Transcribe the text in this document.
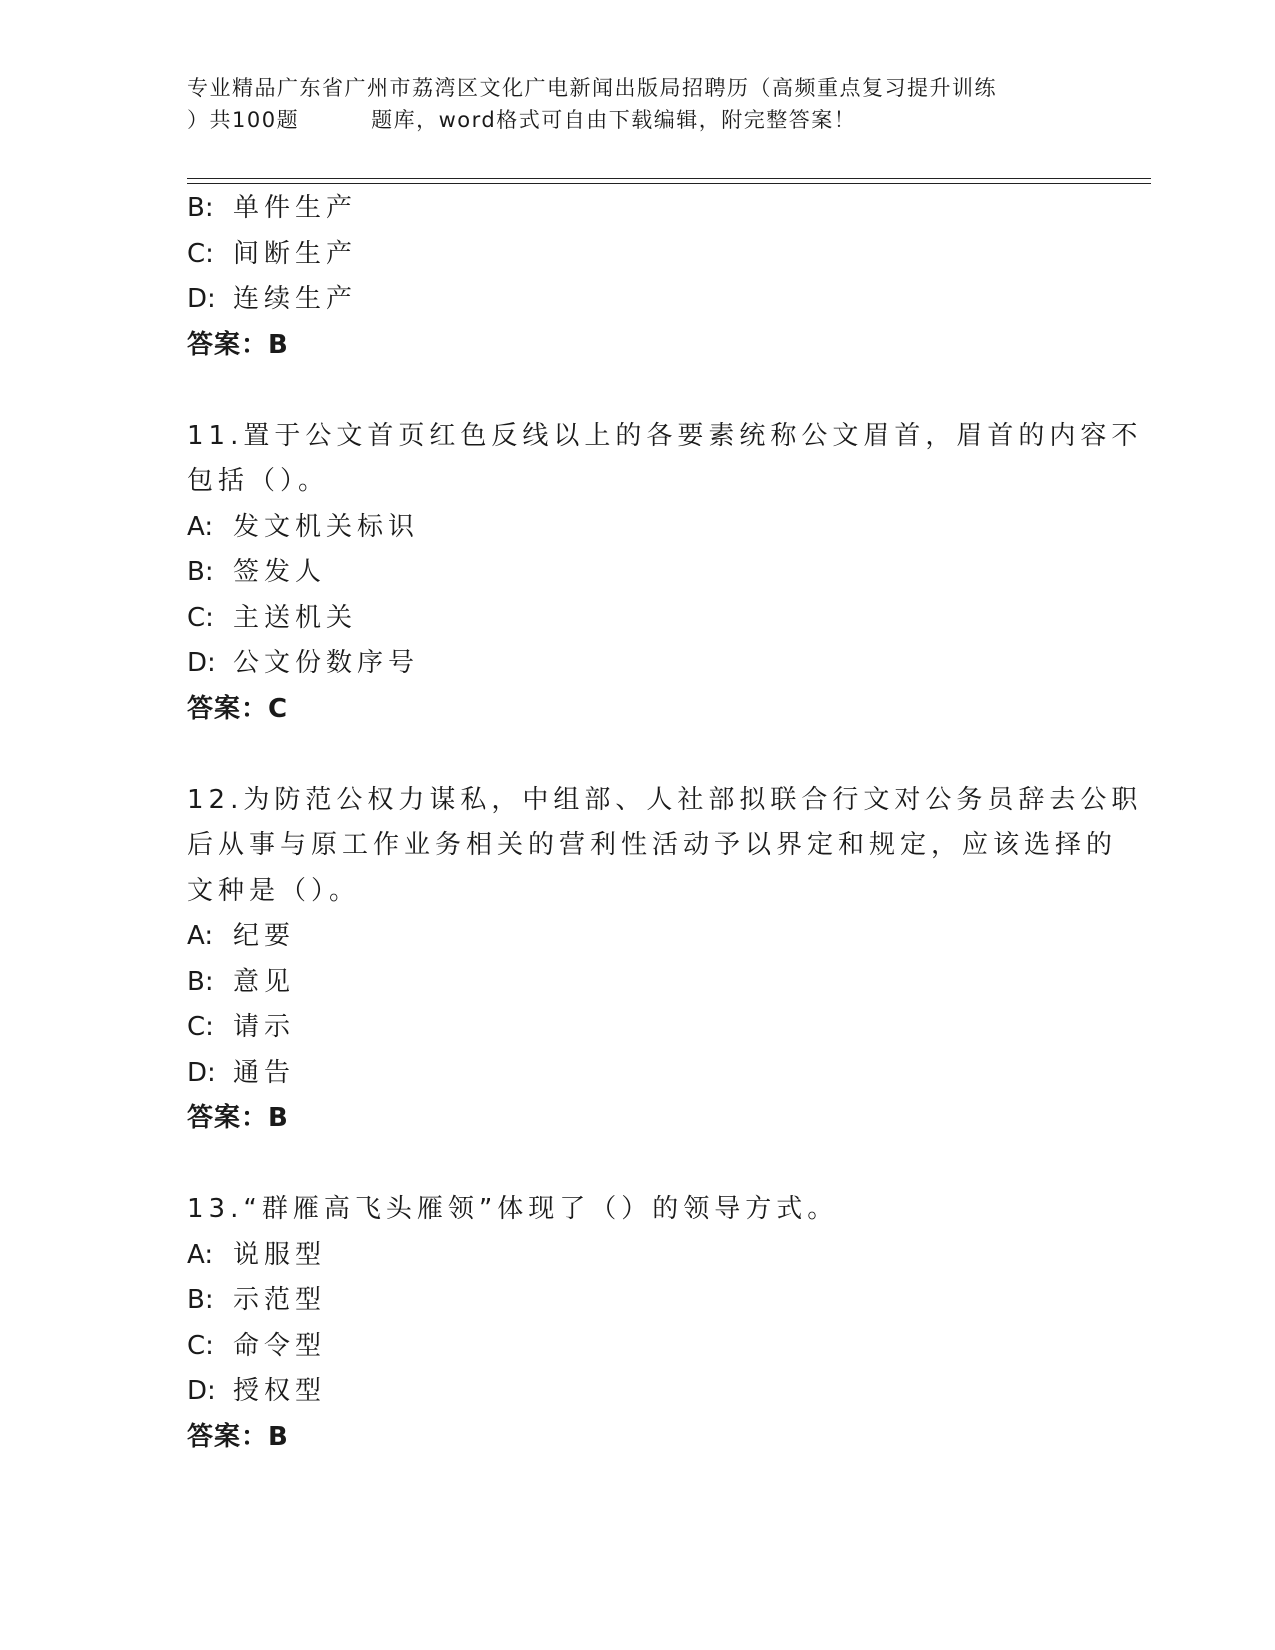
专业精品广东省广州市荔湾区文化广电新闻出版局招聘历（高频重点复习提升训练
）共100题	题库，word格式可自由下载编辑，附完整答案！
B: 单件生产
C: 间断生产
D: 连续生产
答案：B
11.置于公文首页红色反线以上的各要素统称公文眉首，眉首的内容不
包括（）。
A: 发文机关标识
B: 签发人
C: 主送机关
D: 公文份数序号
答案：C
12.为防范公权力谋私，中组部、人社部拟联合行文对公务员辞去公职
后从事与原工作业务相关的营利性活动予以界定和规定，应该选择的
文种是（）。
A: 纪要
B: 意见
C: 请示
D: 通告
答案：B
13.“群雁高飞头雁领”体现了（）的领导方式。
A: 说服型
B: 示范型
C: 命令型
D: 授权型
答案：B
